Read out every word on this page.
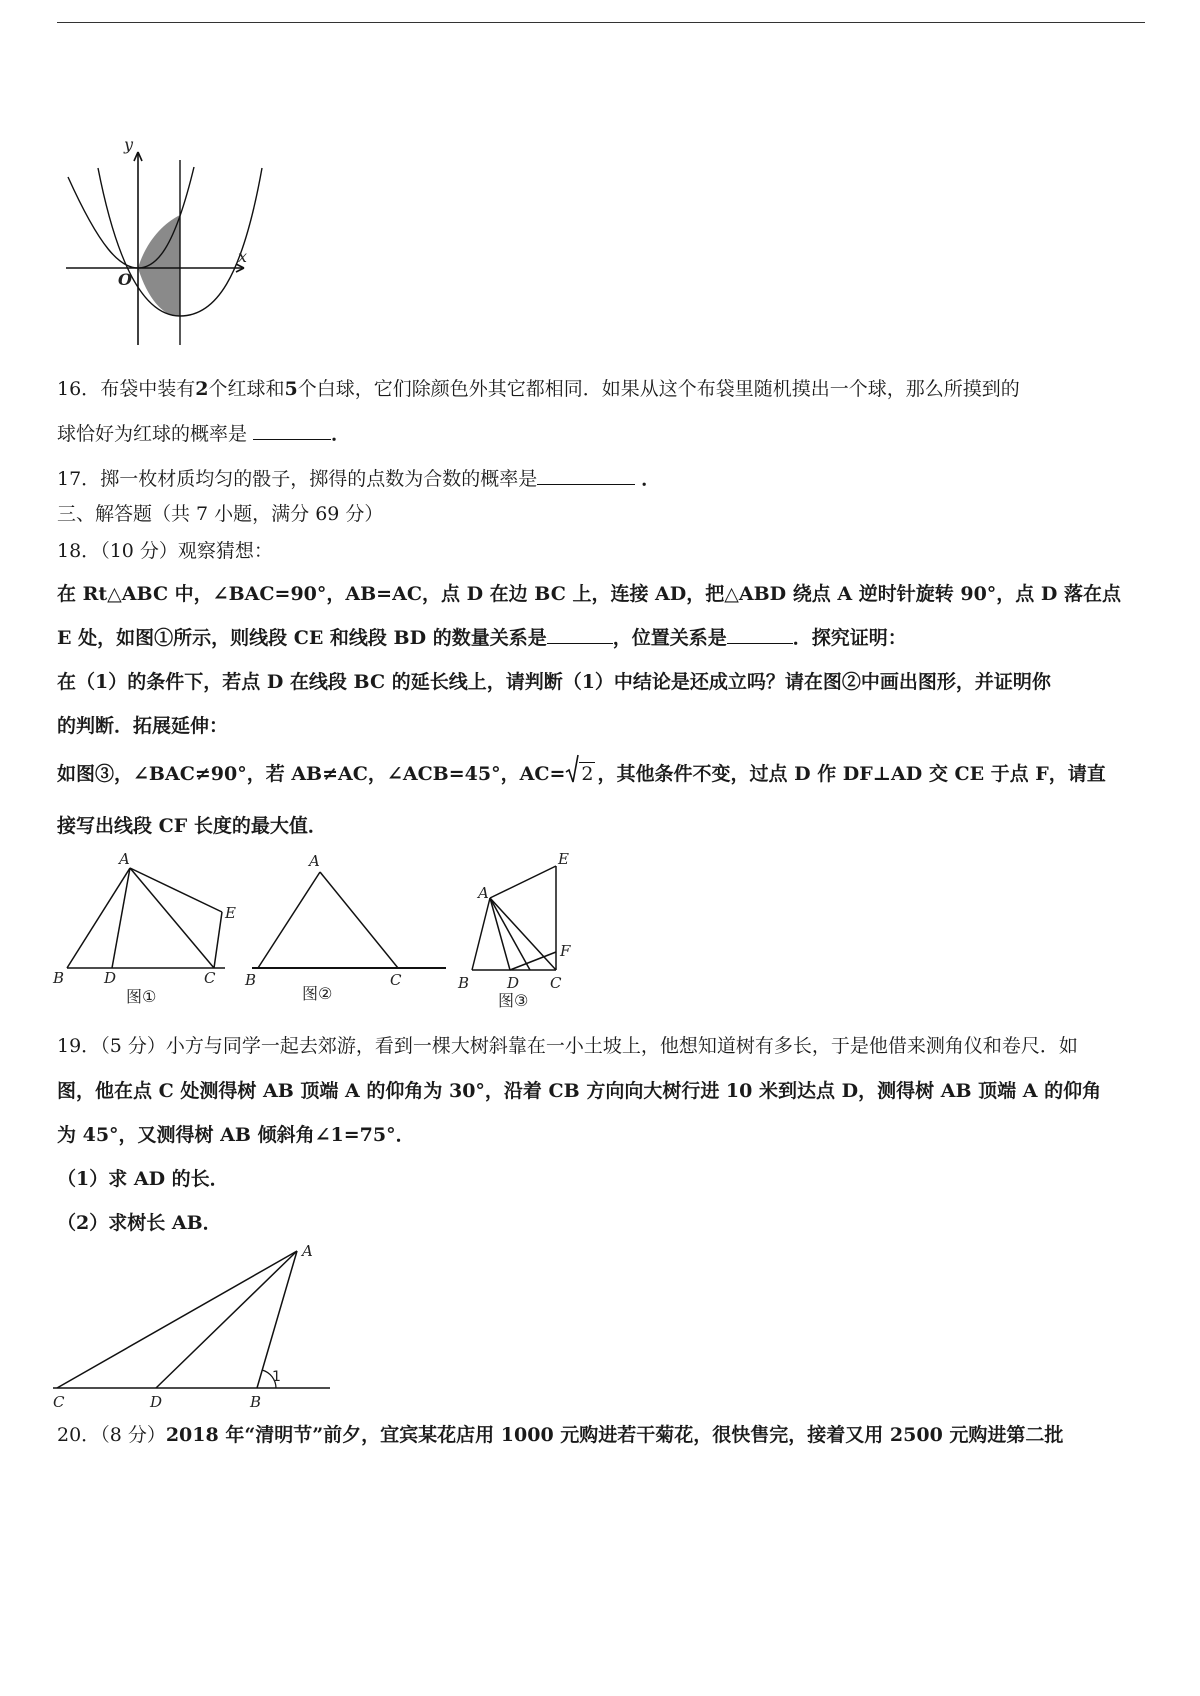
y
x
O
16．布袋中装有2个红球和5个白球，它们除颜色外其它都相同．如果从这个布袋里随机摸出一个球，那么所摸到的
球恰好为红球的概率是	．
17．掷一枚材质均匀的骰子，掷得的点数为合数的概率是	．
三、解答题（共 7 小题，满分 69 分）
18．（10 分）观察猜想：
在 Rt△ABC 中，∠BAC=90°，AB=AC，点 D 在边 BC 上，连接 AD，把△ABD 绕点 A 逆时针旋转 90°，点 D 落在点
E 处，如图①所示，则线段 CE 和线段 BD 的数量关系是	，位置关系是	．探究证明：
在（1）的条件下，若点 D 在线段 BC 的延长线上，请判断（1）中结论是还成立吗？请在图②中画出图形，并证明你
的判断．拓展延伸：
如图③，∠BAC≠90°，若 AB≠AC，∠ACB=45°，AC= 2 ，其他条件不变，过点 D 作 DF⊥AD 交 CE 于点 F，请直
接写出线段 CF 长度的最大值．
A
B	C
D
E
图①
A
B	C
图②
A
B	C
D
E
F
图③
19．（5 分）小方与同学一起去郊游，看到一棵大树斜靠在一小土坡上，他想知道树有多长，于是他借来测角仪和卷尺．如
图，他在点 C 处测得树 AB 顶端 A 的仰角为 30°，沿着 CB 方向向大树行进 10 米到达点 D，测得树 AB 顶端 A 的仰角
为 45°，又测得树 AB 倾斜角∠1=75°．
（1）求 AD 的长．
（2）求树长 AB．
A
B
C	D
1
20．（8 分）2018 年“清明节”前夕，宜宾某花店用 1000 元购进若干菊花，很快售完，接着又用 2500 元购进第二批
